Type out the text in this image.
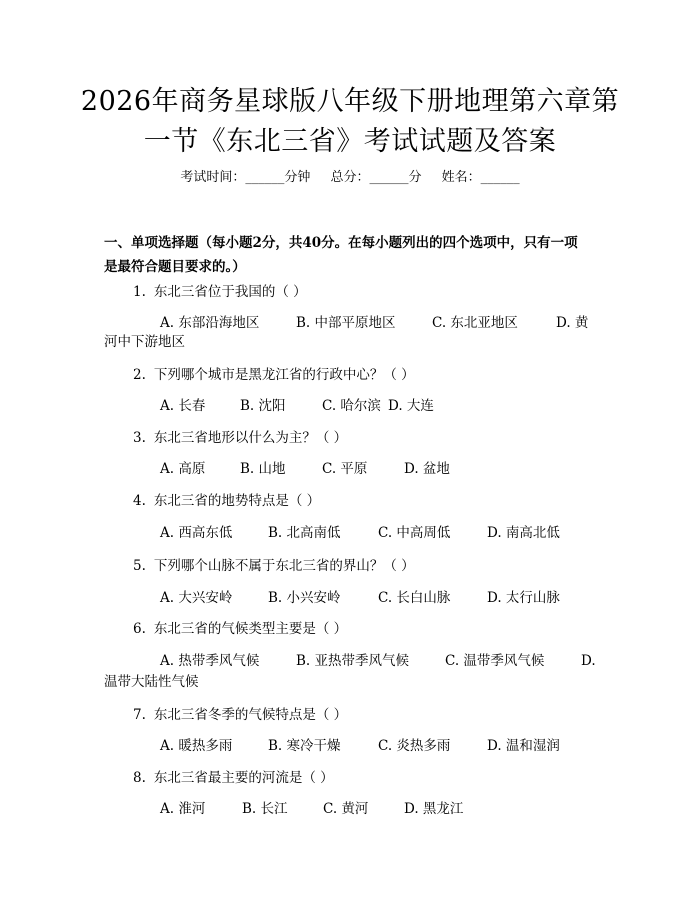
2026年商务星球版八年级下册地理第六章第
一节《东北三省》考试试题及答案
考试时间：______分钟 总分：______分 姓名：______
一、单项选择题（每小题2分，共40分。在每小题列出的四个选项中，只有一项
是最符合题目要求的。）
1. 东北三省位于我国的（ ）
A. 东部沿海地区	B. 中部平原地区	C. 东北亚地区	D. 黄
河中下游地区
2. 下列哪个城市是黑龙江省的行政中心？（ ）
A. 长春	B. 沈阳	C. 哈尔滨 D. 大连
3. 东北三省地形以什么为主？（ ）
A. 高原	B. 山地	C. 平原	D. 盆地
4. 东北三省的地势特点是（ ）
A. 西高东低	B. 北高南低	C. 中高周低	D. 南高北低
5. 下列哪个山脉不属于东北三省的界山？（ ）
A. 大兴安岭	B. 小兴安岭	C. 长白山脉	D. 太行山脉
6. 东北三省的气候类型主要是（ ）
A. 热带季风气候	B. 亚热带季风气候	C. 温带季风气候	D.
温带大陆性气候
7. 东北三省冬季的气候特点是（ ）
A. 暖热多雨	B. 寒冷干燥	C. 炎热多雨	D. 温和湿润
8. 东北三省最主要的河流是（ ）
A. 淮河	B. 长江	C. 黄河	D. 黑龙江
